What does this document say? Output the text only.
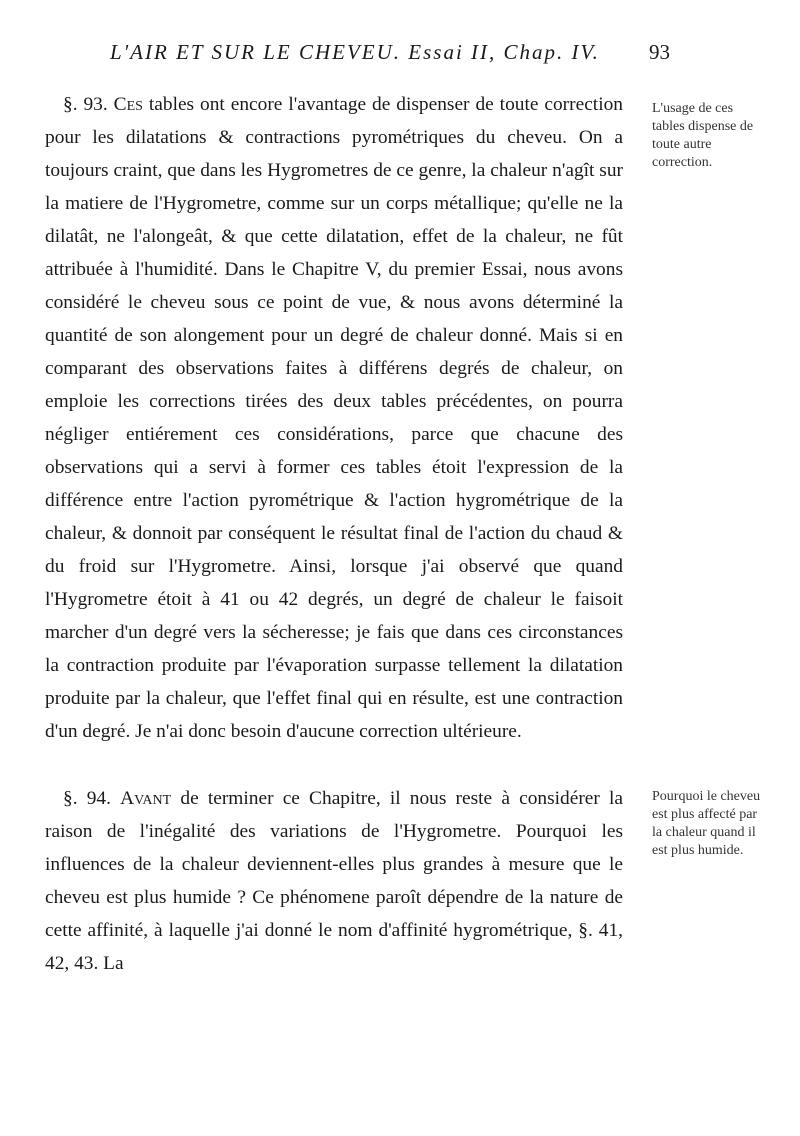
L'AIR ET SUR LE CHEVEU. Essai II, Chap. IV. 93

§. 93. Ces tables ont encore l'avantage de dispenser de toute correction pour les dilatations & contractions pyrométriques du cheveu. On a toujours craint, que dans les Hygrometres de ce genre, la chaleur n'agît sur la matiere de l'Hygrometre, comme sur un corps métallique; qu'elle ne la dilatât, ne l'alongeât, & que cette dilatation, effet de la chaleur, ne fût attribuée à l'humidité. Dans le Chapitre V, du premier Essai, nous avons considéré le cheveu sous ce point de vue, & nous avons déterminé la quantité de son alongement pour un degré de chaleur donné. Mais si en comparant des observations faites à différens degrés de chaleur, on emploie les corrections tirées des deux tables précédentes, on pourra négliger entiérement ces considérations, parce que chacune des observations qui a servi à former ces tables étoit l'expression de la différence entre l'action pyrométrique & l'action hygrométrique de la chaleur, & donnoit par conséquent le résultat final de l'action du chaud & du froid sur l'Hygrometre. Ainsi, lorsque j'ai observé que quand l'Hygrometre étoit à 41 ou 42 degrés, un degré de chaleur le faisoit marcher d'un degré vers la sécheresse; je fais que dans ces circonstances la contraction produite par l'évaporation surpasse tellement la dilatation produite par la chaleur, que l'effet final qui en résulte, est une contraction d'un degré. Je n'ai donc besoin d'aucune correction ultérieure.

L'usage de ces tables dispense de toute autre correction.

§. 94. Avant de terminer ce Chapitre, il nous reste à considérer la raison de l'inégalité des variations de l'Hygrometre. Pourquoi les influences de la chaleur deviennent-elles plus grandes à mesure que le cheveu est plus humide ? Ce phénomene paroît dépendre de la nature de cette affinité, à laquelle j'ai donné le nom d'affinité hygrométrique, §. 41, 42, 43. La

Pourquoi le cheveu est plus affecté par la chaleur quand il est plus humide.
